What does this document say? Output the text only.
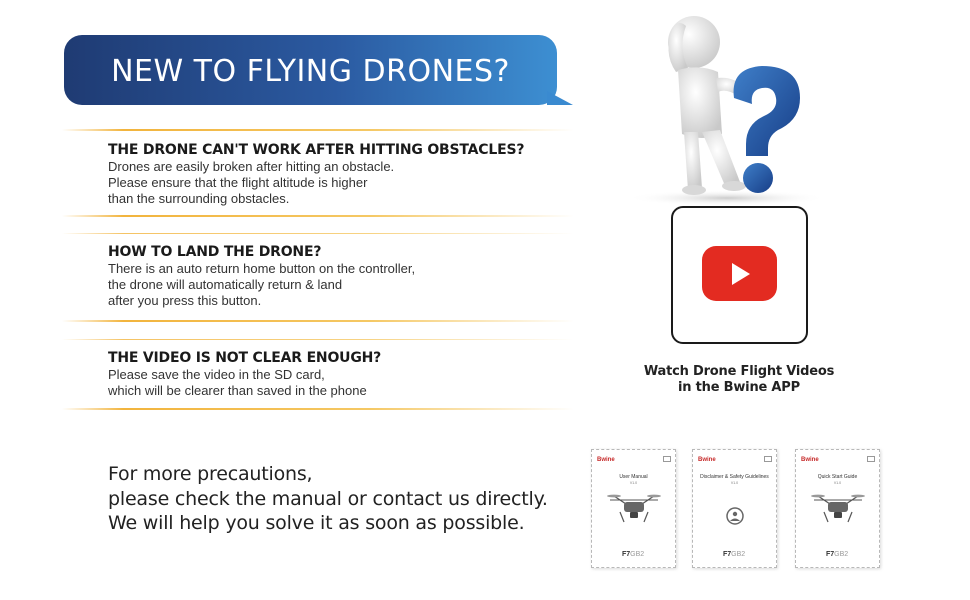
NEW TO FLYING DRONES?
THE DRONE CAN'T WORK AFTER HITTING OBSTACLES?

Drones are easily broken after hitting an obstacle.

Please ensure that the flight altitude is higher

than the surrounding obstacles.

HOW TO LAND THE DRONE?

There is an auto return home button on the controller,

the drone will automatically return & land

after you press this button.

THE VIDEO IS NOT CLEAR ENOUGH?

Please save the video in the SD card,

which will be clearer than saved in the phone

For more precautions,

please check the manual or contact us directly.

We will help you solve it as soon as possible.

Watch Drone Flight Videos
in the Bwine APP
Bwine
User Manual
V1.0
F7GB2
Bwine
Disclaimer & Safety Guidelines
V1.0
F7GB2
Bwine
Quick Start Guide
V1.0
F7GB2
